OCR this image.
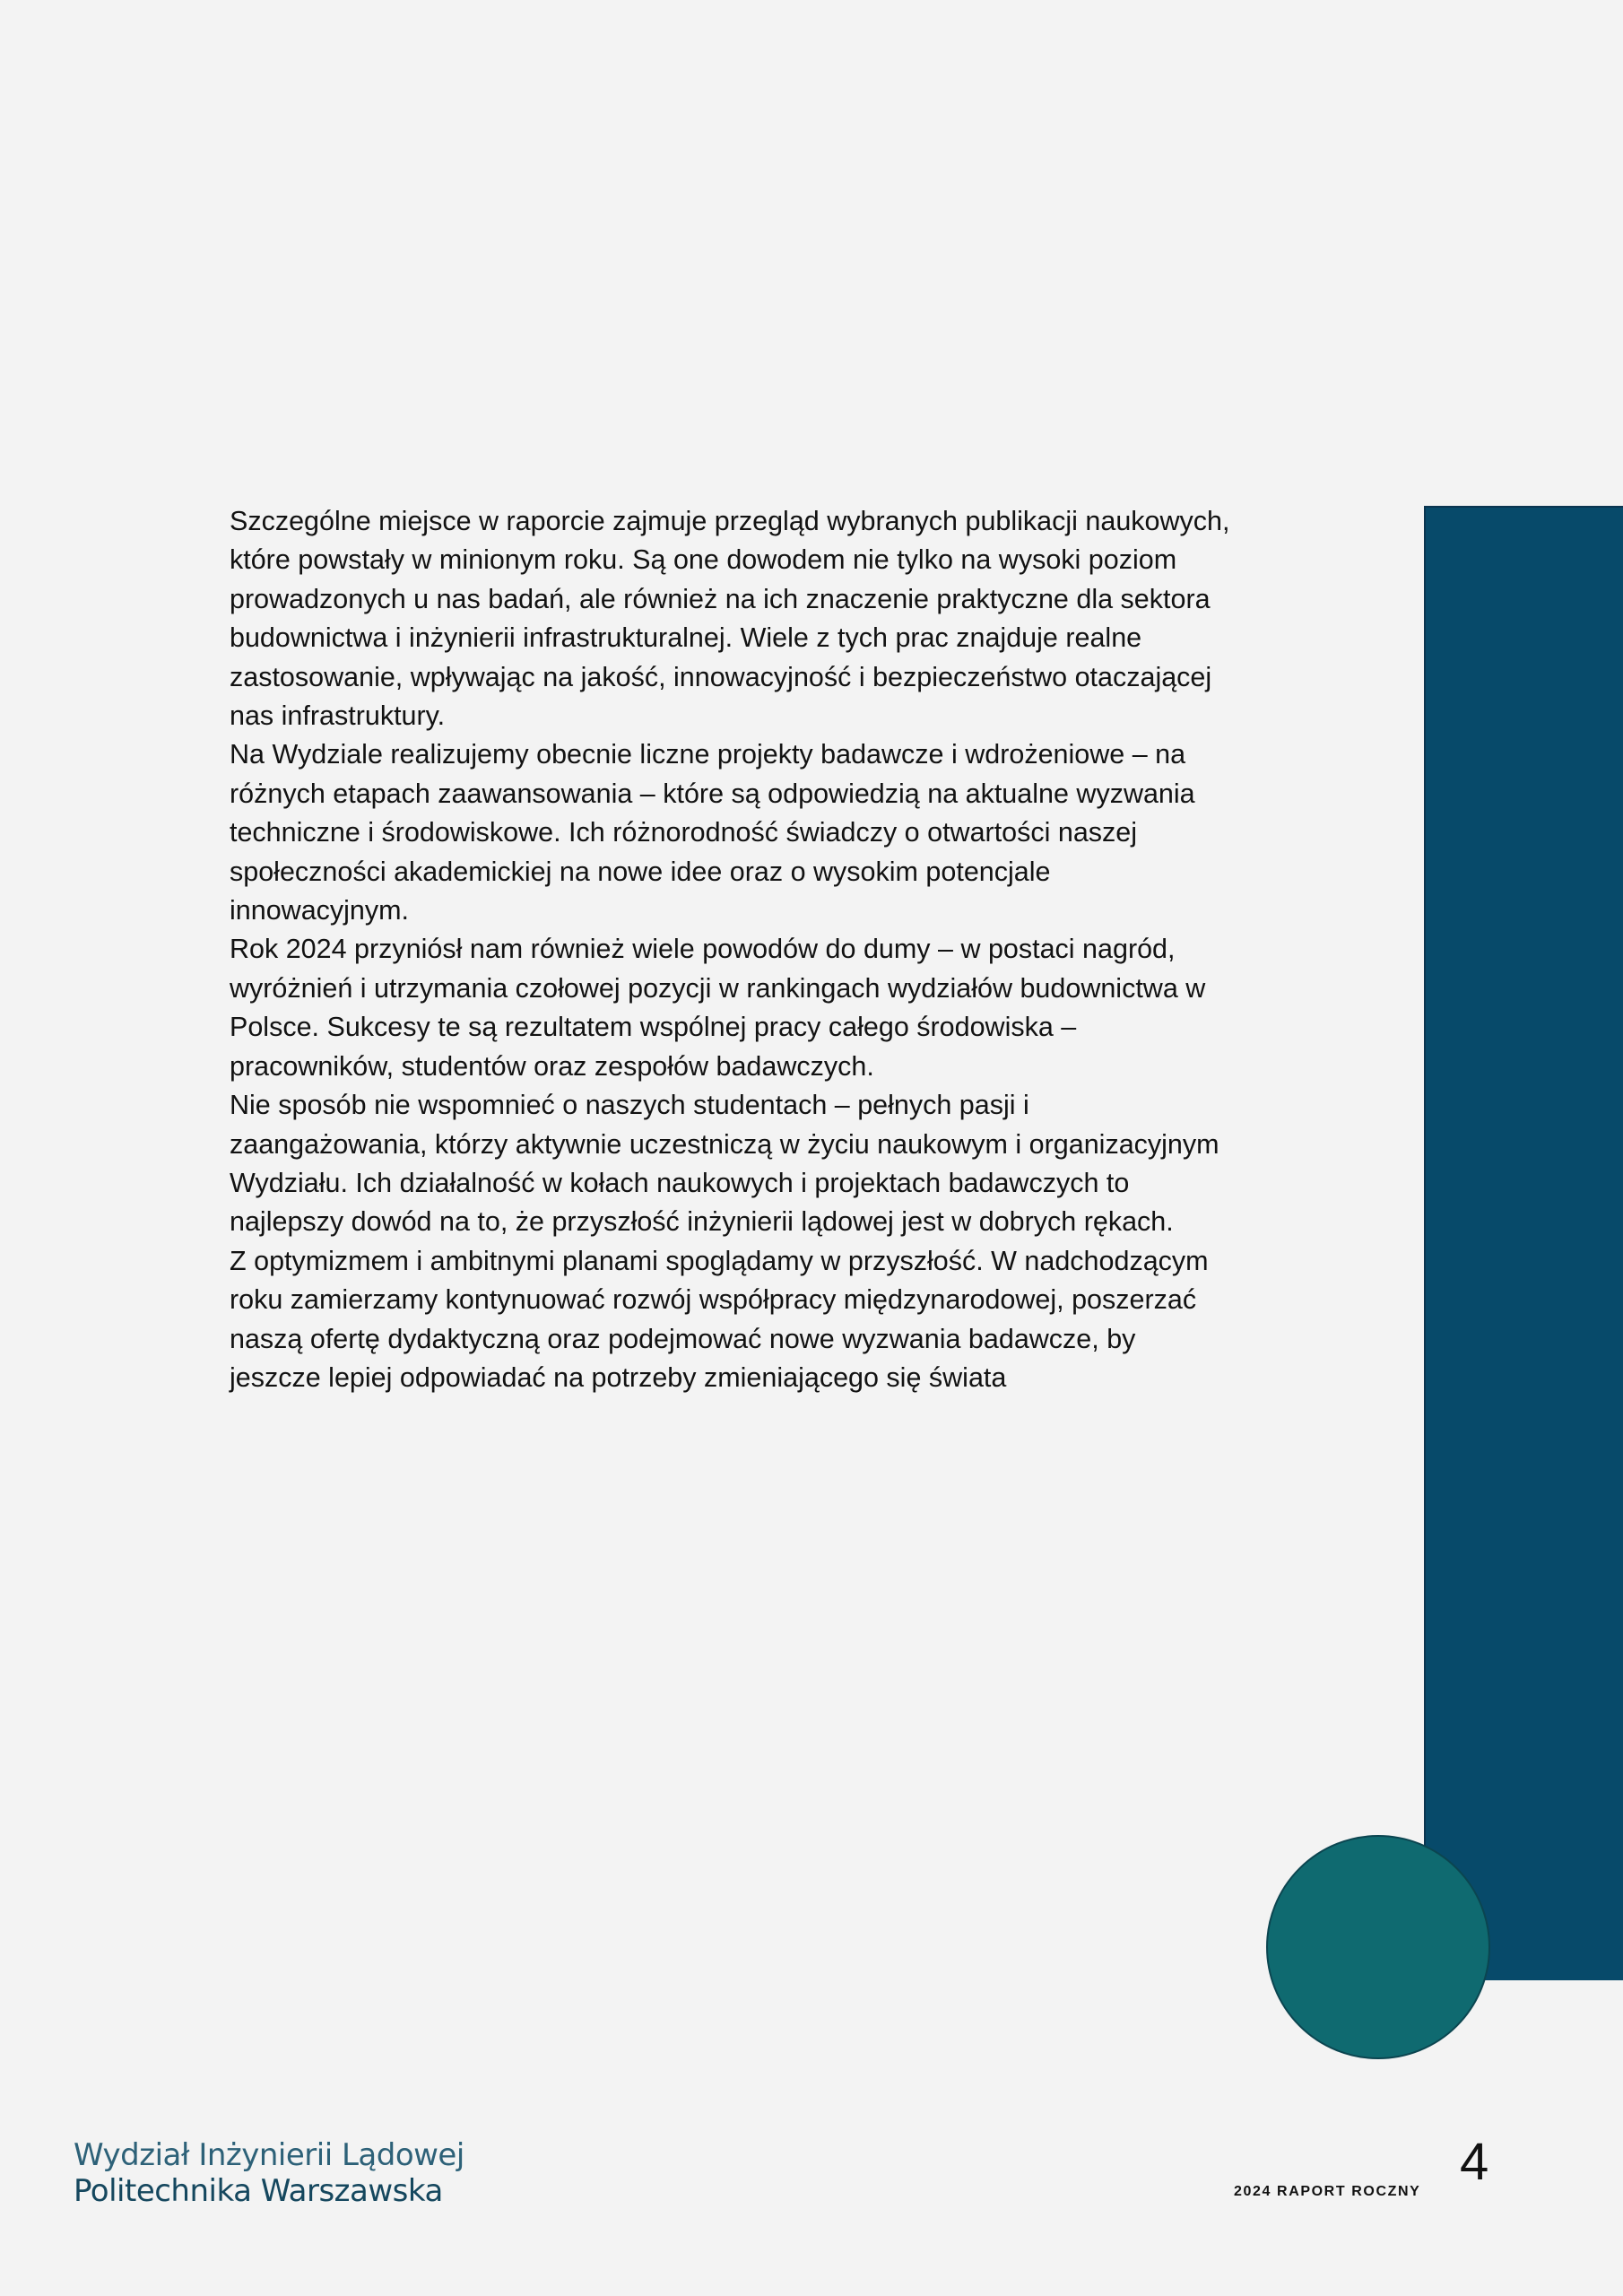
Szczególne miejsce w raporcie zajmuje przegląd wybranych publikacji naukowych, które powstały w minionym roku. Są one dowodem nie tylko na wysoki poziom prowadzonych u nas badań, ale również na ich znaczenie praktyczne dla sektora budownictwa i inżynierii infrastrukturalnej. Wiele z tych prac znajduje realne zastosowanie, wpływając na jakość, innowacyjność i bezpieczeństwo otaczającej nas infrastruktury.

Na Wydziale realizujemy obecnie liczne projekty badawcze i wdrożeniowe – na różnych etapach zaawansowania – które są odpowiedzią na aktualne wyzwania techniczne i środowiskowe. Ich różnorodność świadczy o otwartości naszej społeczności akademickiej na nowe idee oraz o wysokim potencjale innowacyjnym.

Rok 2024 przyniósł nam również wiele powodów do dumy – w postaci nagród, wyróżnień i utrzymania czołowej pozycji w rankingach wydziałów budownictwa w Polsce. Sukcesy te są rezultatem wspólnej pracy całego środowiska – pracowników, studentów oraz zespołów badawczych.

Nie sposób nie wspomnieć o naszych studentach – pełnych pasji i zaangażowania, którzy aktywnie uczestniczą w życiu naukowym i organizacyjnym Wydziału. Ich działalność w kołach naukowych i projektach badawczych to najlepszy dowód na to, że przyszłość inżynierii lądowej jest w dobrych rękach.

Z optymizmem i ambitnymi planami spoglądamy w przyszłość. W nadchodzącym roku zamierzamy kontynuować rozwój współpracy międzynarodowej, poszerzać naszą ofertę dydaktyczną oraz podejmować nowe wyzwania badawcze, by jeszcze lepiej odpowiadać na potrzeby zmieniającego się świata

Wydział Inżynierii Lądowej
Politechnika Warszawska	2024 RAPORT ROCZNY
4
